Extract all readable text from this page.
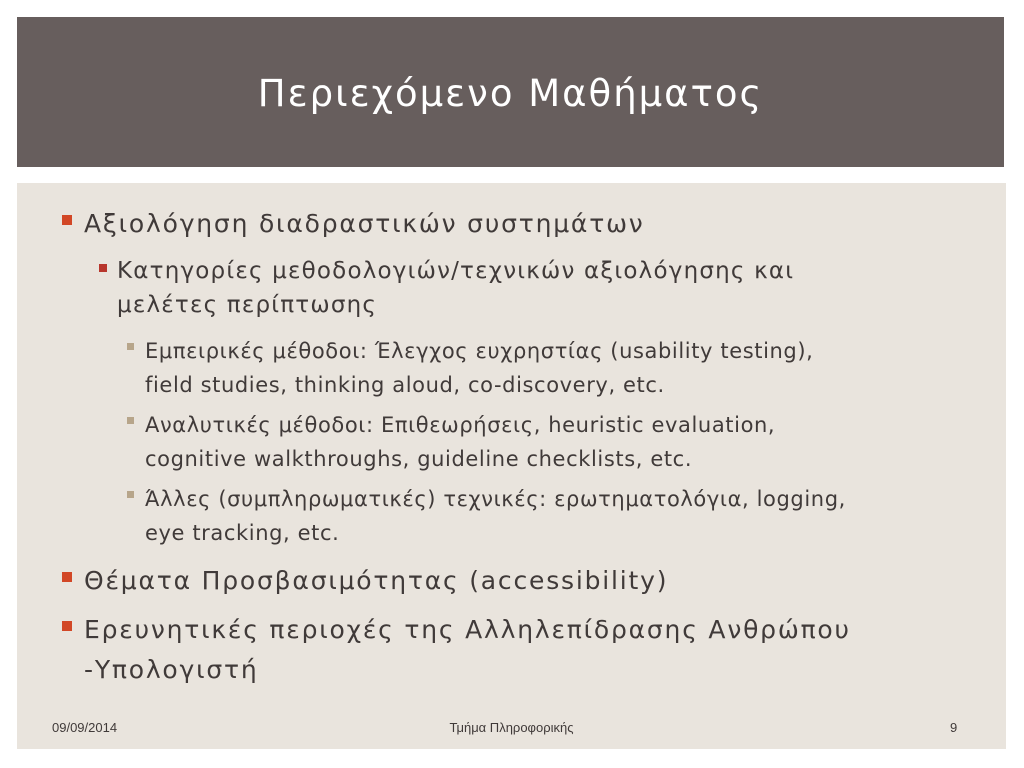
Περιεχόμενο Μαθήματος
Αξιολόγηση διαδραστικών συστημάτων
Κατηγορίες μεθοδολογιών/τεχνικών αξιολόγησης και
μελέτες περίπτωσης
Εμπειρικές μέθοδοι: Έλεγχος ευχρηστίας (usability testing),
field studies, thinking aloud, co-discovery, etc.
Αναλυτικές μέθοδοι: Επιθεωρήσεις, heuristic evaluation,
cognitive walkthroughs, guideline checklists, etc.
Άλλες (συμπληρωματικές) τεχνικές: ερωτηματολόγια, logging,
eye tracking, etc.
Θέματα Προσβασιμότητας (accessibility)
Ερευνητικές περιοχές της Αλληλεπίδρασης Ανθρώπου
-Υπολογιστή
09/09/2014	Τμήμα Πληροφορικής	9
